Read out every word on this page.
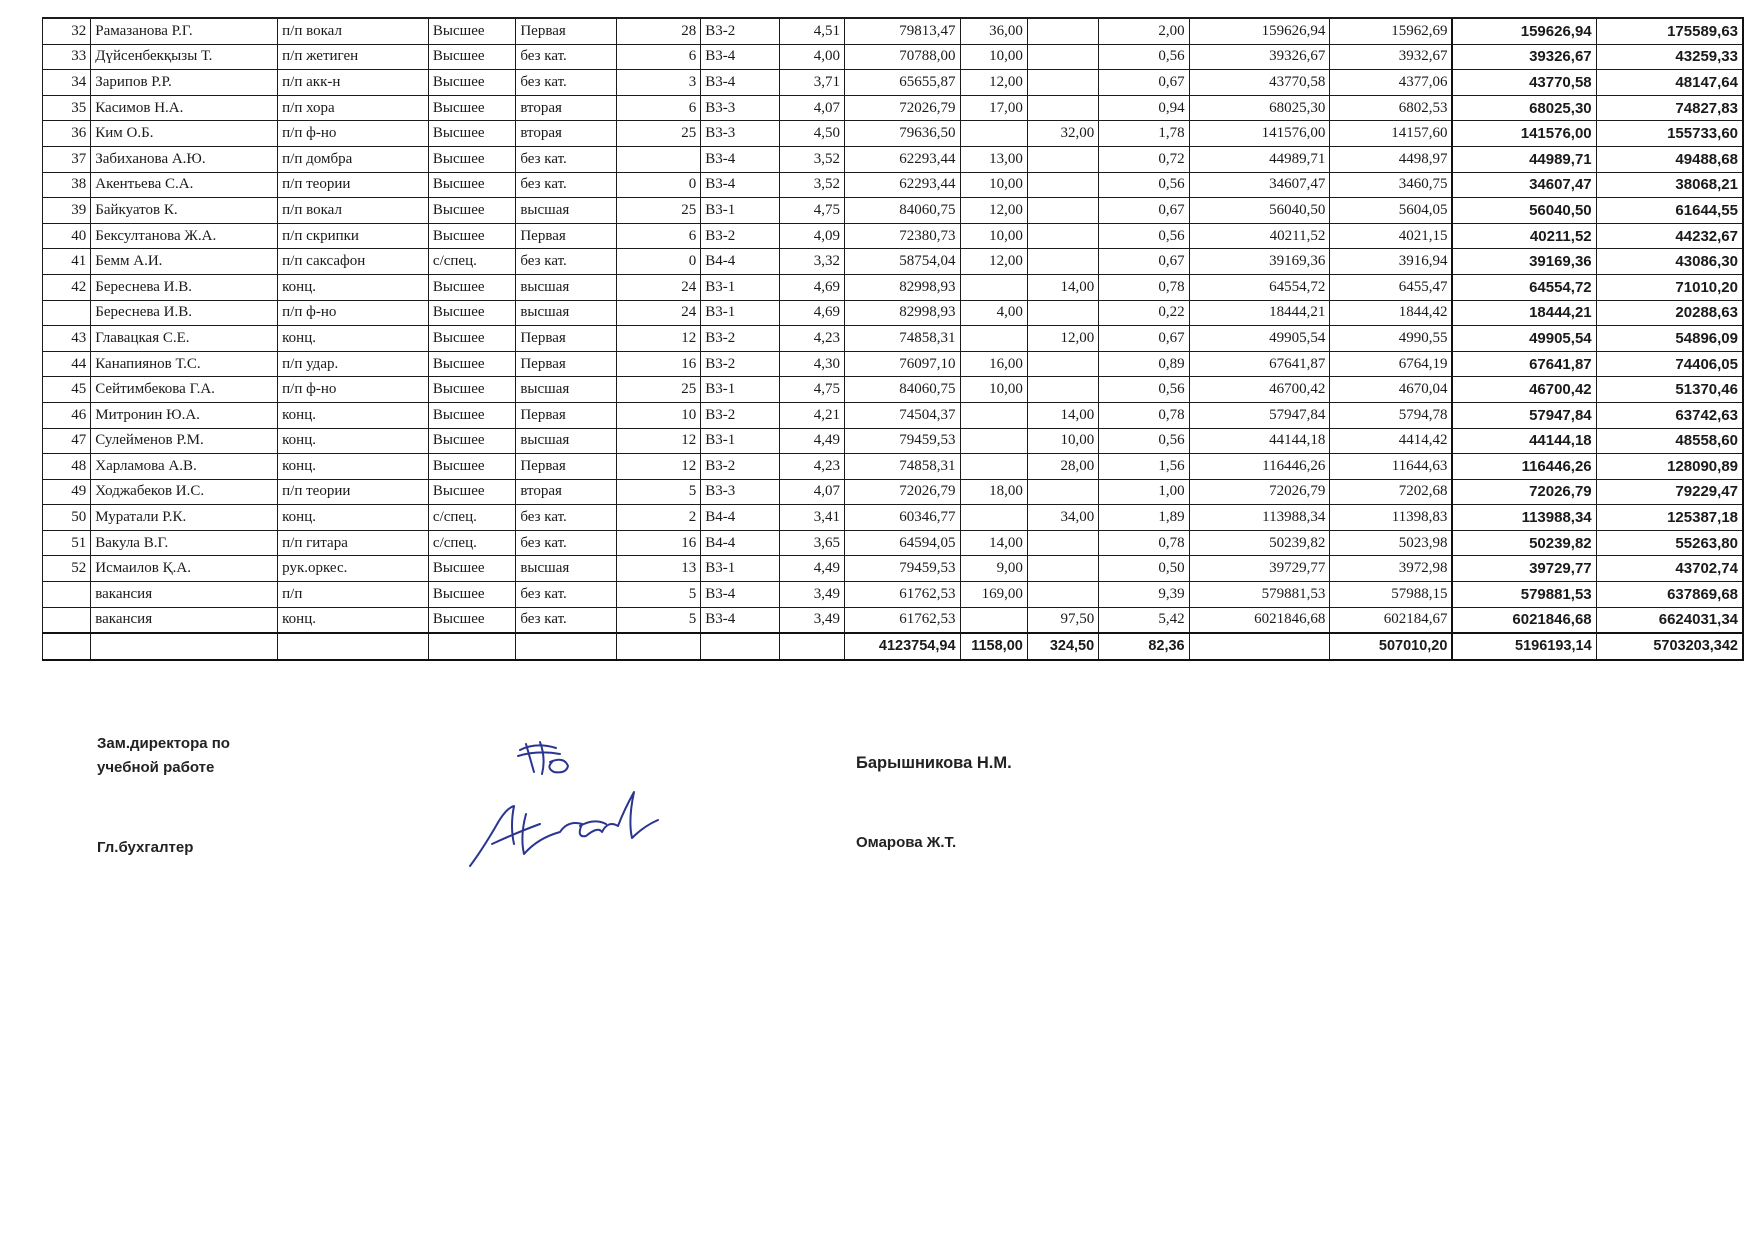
32	Рамазанова Р.Г.	п/п вокал	Высшее	Первая	28	B3-2	4,51	79813,47	36,00		2,00	159626,94	15962,69	159626,94	175589,63
33	Дүйсенбекқызы Т.	п/п жетиген	Высшее	без кат.	6	B3-4	4,00	70788,00	10,00		0,56	39326,67	3932,67	39326,67	43259,33
34	Зарипов Р.Р.	п/п акк-н	Высшее	без кат.	3	B3-4	3,71	65655,87	12,00		0,67	43770,58	4377,06	43770,58	48147,64
35	Касимов Н.А.	п/п хора	Высшее	вторая	6	B3-3	4,07	72026,79	17,00		0,94	68025,30	6802,53	68025,30	74827,83
36	Ким О.Б.	п/п ф-но	Высшее	вторая	25	B3-3	4,50	79636,50		32,00	1,78	141576,00	14157,60	141576,00	155733,60
37	Забиханова А.Ю.	п/п домбра	Высшее	без кат.		B3-4	3,52	62293,44	13,00		0,72	44989,71	4498,97	44989,71	49488,68
38	Акентьева С.А.	п/п теории	Высшее	без кат.	0	B3-4	3,52	62293,44	10,00		0,56	34607,47	3460,75	34607,47	38068,21
39	Байкуатов К.	п/п вокал	Высшее	высшая	25	B3-1	4,75	84060,75	12,00		0,67	56040,50	5604,05	56040,50	61644,55
40	Бексултанова Ж.А.	п/п скрипки	Высшее	Первая	6	B3-2	4,09	72380,73	10,00		0,56	40211,52	4021,15	40211,52	44232,67
41	Бемм А.И.	п/п саксафон	с/спец.	без кат.	0	B4-4	3,32	58754,04	12,00		0,67	39169,36	3916,94	39169,36	43086,30
42	Береснева И.В.	конц.	Высшее	высшая	24	B3-1	4,69	82998,93		14,00	0,78	64554,72	6455,47	64554,72	71010,20
	Береснева И.В.	п/п ф-но	Высшее	высшая	24	B3-1	4,69	82998,93	4,00		0,22	18444,21	1844,42	18444,21	20288,63
43	Главацкая С.Е.	конц.	Высшее	Первая	12	B3-2	4,23	74858,31		12,00	0,67	49905,54	4990,55	49905,54	54896,09
44	Канапиянов Т.С.	п/п удар.	Высшее	Первая	16	B3-2	4,30	76097,10	16,00		0,89	67641,87	6764,19	67641,87	74406,05
45	Сейтимбекова Г.А.	п/п ф-но	Высшее	высшая	25	B3-1	4,75	84060,75	10,00		0,56	46700,42	4670,04	46700,42	51370,46
46	Митронин Ю.А.	конц.	Высшее	Первая	10	B3-2	4,21	74504,37		14,00	0,78	57947,84	5794,78	57947,84	63742,63
47	Сулейменов Р.М.	конц.	Высшее	высшая	12	B3-1	4,49	79459,53		10,00	0,56	44144,18	4414,42	44144,18	48558,60
48	Харламова А.В.	конц.	Высшее	Первая	12	B3-2	4,23	74858,31		28,00	1,56	116446,26	11644,63	116446,26	128090,89
49	Ходжабеков И.С.	п/п теории	Высшее	вторая	5	B3-3	4,07	72026,79	18,00		1,00	72026,79	7202,68	72026,79	79229,47
50	Муратали Р.К.	конц.	с/спец.	без кат.	2	B4-4	3,41	60346,77		34,00	1,89	113988,34	11398,83	113988,34	125387,18
51	Вакула В.Г.	п/п гитара	с/спец.	без кат.	16	B4-4	3,65	64594,05	14,00		0,78	50239,82	5023,98	50239,82	55263,80
52	Исмаилов Қ.А.	рук.оркес.	Высшее	высшая	13	B3-1	4,49	79459,53	9,00		0,50	39729,77	3972,98	39729,77	43702,74
	вакансия	п/п	Высшее	без кат.	5	B3-4	3,49	61762,53	169,00		9,39	579881,53	57988,15	579881,53	637869,68
	вакансия	конц.	Высшее	без кат.	5	B3-4	3,49	61762,53		97,50	5,42	6021846,68	602184,67	6021846,68	6624031,34
								4123754,94	1158,00	324,50	82,36		507010,20	5196193,14	5703203,342
Зам.директора по
учебной работе	Барышникова Н.М.
Гл.бухгалтер	Омарова Ж.Т.
